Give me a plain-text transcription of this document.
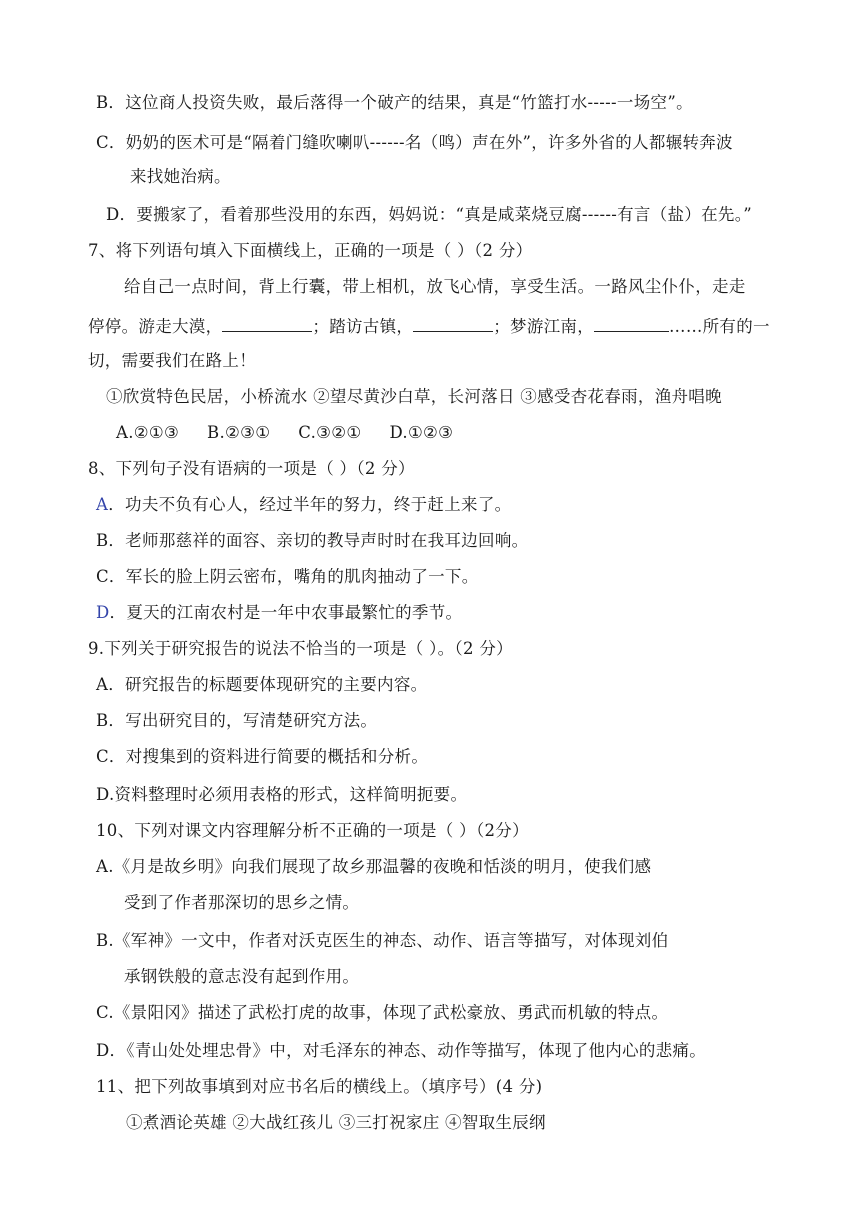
B．这位商人投资失败，最后落得一个破产的结果，真是“竹篮打水-----一场空”。
C．奶奶的医术可是“隔着门缝吹喇叭------名（鸣）声在外”，许多外省的人都辗转奔波
来找她治病。
D．要搬家了，看着那些没用的东西，妈妈说：“真是咸菜烧豆腐------有言（盐）在先。”
7、将下列语句填入下面横线上，正确的一项是（ ）（2 分）
给自己一点时间，背上行囊，带上相机，放飞心情，享受生活。一路风尘仆仆，走走
停停。游走大漠，	；踏访古镇，	；梦游江南，	……所有的一
切，需要我们在路上！
①欣赏特色民居，小桥流水 ②望尽黄沙白草，长河落日 ③感受杏花春雨，渔舟唱晚
A.②①③ B.②③① C.③②① D.①②③
8、下列句子没有语病的一项是（ ）（2 分）
A．功夫不负有心人，经过半年的努力，终于赶上来了。
B．老师那慈祥的面容、亲切的教导声时时在我耳边回响。
C．军长的脸上阴云密布，嘴角的肌肉抽动了一下。
D．夏天的江南农村是一年中农事最繁忙的季节。
9.下列关于研究报告的说法不恰当的一项是（ ）。（2 分）
A．研究报告的标题要体现研究的主要内容。
B．写出研究目的，写清楚研究方法。
C．对搜集到的资料进行简要的概括和分析。
D.资料整理时必须用表格的形式，这样简明扼要。
10、下列对课文内容理解分析不正确的一项是（ ）（2分）
A.《月是故乡明》向我们展现了故乡那温馨的夜晚和恬淡的明月，使我们感
受到了作者那深切的思乡之情。
B.《军神》一文中，作者对沃克医生的神态、动作、语言等描写，对体现刘伯
承钢铁般的意志没有起到作用。
C.《景阳冈》描述了武松打虎的故事，体现了武松豪放、勇武而机敏的特点。
D．《青山处处埋忠骨》中，对毛泽东的神态、动作等描写，体现了他内心的悲痛。
11、把下列故事填到对应书名后的横线上。（填序号）(4 分)
①煮酒论英雄 ②大战红孩儿 ③三打祝家庄 ④智取生辰纲
